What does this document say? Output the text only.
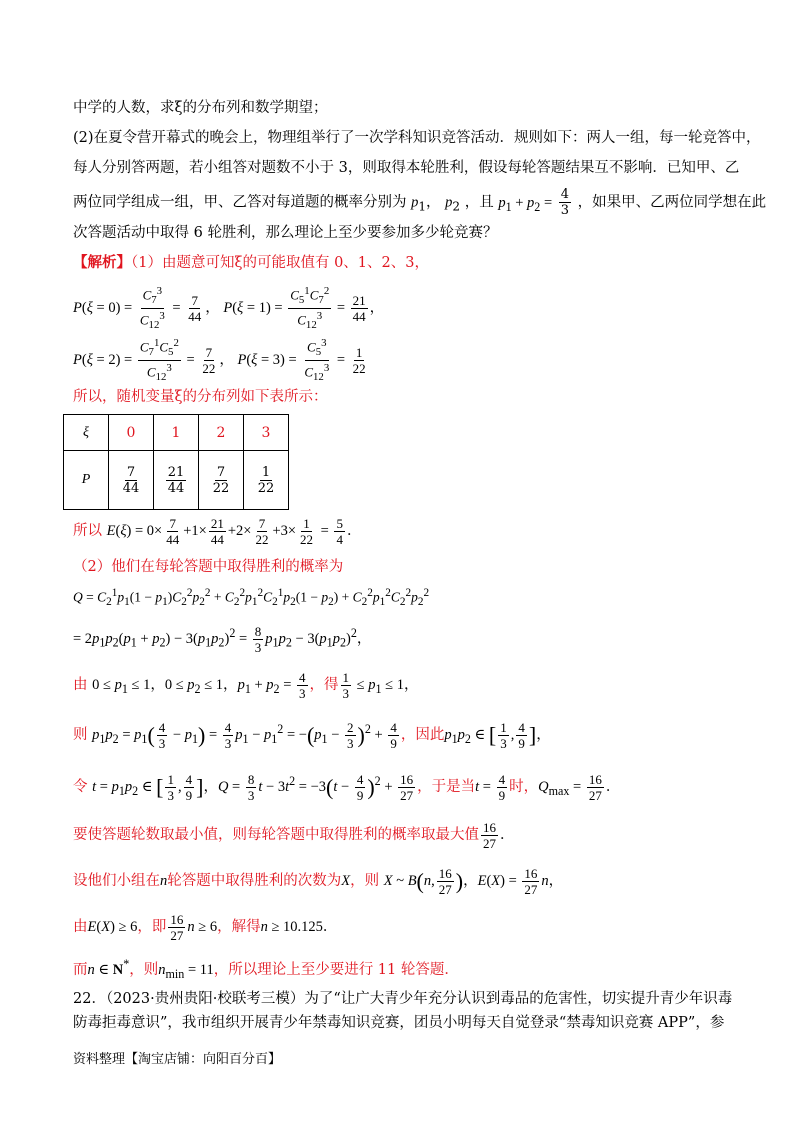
中学的人数，求ξ的分布列和数学期望；
(2)在夏令营开幕式的晚会上，物理组举行了一次学科知识竞答活动．规则如下：两人一组，每一轮竞答中，
每人分别答两题，若小组答对题数不小于 3，则取得本轮胜利，假设每轮答题结果互不影响．已知甲、乙
两位同学组成一组，甲、乙答对每道题的概率分别为 $p_1$， $p_2$ ，且 $p_1 + p_2 = \frac{4}{3}$ ，如果甲、乙两位同学想在此
次答题活动中取得 6 轮胜利，那么理论上至少要参加多少轮竞赛？
【解析】（1）由题意可知ξ的可能取值有 0、1、2、3，
$P(\xi = 0) = \frac{C_7^3}{C_{12}^3} = \frac{7}{44}$ ， $P(\xi = 1) = \frac{C_5^1C_7^2}{C_{12}^3} = \frac{21}{44}$ ，
$P(\xi = 2) = \frac{C_7^1C_5^2}{C_{12}^3} = \frac{7}{22}$ ， $P(\xi = 3) = \frac{C_5^3}{C_{12}^3} = \frac{1}{22}$
所以，随机变量ξ的分布列如下表所示：
ξ	0	1	2	3
P	$\frac{7}{44}$	$\frac{21}{44}$	$\frac{7}{22}$	$\frac{1}{22}$
所以 $E(\xi) = 0\times \frac{7}{44} +1\times \frac{21}{44} +2\times \frac{7}{22} +3\times \frac{1}{22} = \frac{5}{4}$ ．
（2）他们在每轮答题中取得胜利的概率为
$Q = C_2^1p_1(1 - p_1)C_2^2p_2^2 + C_2^2p_1^2C_2^1p_2(1 - p_2) + C_2^2p_1^2C_2^2p_2^2$
= $2p_1p_2(p_1 + p_2) - 3(p_1p_2)^2 = \frac{8}{3} p_1p_2 - 3(p_1p_2)^2$，
由 $0 \le p_1 \le 1$，$0 \le p_2 \le 1$，$p_1 + p_2 = \frac{4}{3}$ ，得 $\frac{1}{3} \le p_1 \le 1$，
则 $p_1p_2 = p_1( \frac{4}{3} - p_1) = \frac{4}{3} p_1 - p_1^2 = -(p_1 - \frac{2}{3} )^2 + \frac{4}{9}$ ，因此$p_1p_2$ ∈ [ $\frac{1}{3}$ , $\frac{4}{9}$ ]，
令 $t = p_1p_2$ ∈ [ $\frac{1}{3}$ , $\frac{4}{9}$ ]，$Q = \frac{8}{3}$ $t - 3t^2 = -3(t - \frac{4}{9} )^2 + \frac{16}{27}$ ，于是当$t = \frac{4}{9}$ 时，$Q_{max} = \frac{16}{27}$ ．
要使答题轮数取最小值，则每轮答题中取得胜利的概率取最大值 $\frac{16}{27}$ ．
设他们小组在n轮答题中取得胜利的次数为X，则 X ~ B(n, $\frac{16}{27}$ )，$E(X) = \frac{16}{27}$ n，
由E(X) ≥ 6，即 $\frac{16}{27}$ n ≥ 6，解得n ≥ 10.125．
而n ∈ N*，则$n_{min} = 11$，所以理论上至少要进行 11 轮答题．
22．（2023·贵州贵阳·校联考三模）为了“让广大青少年充分认识到毒品的危害性，切实提升青少年识毒
防毒拒毒意识”，我市组织开展青少年禁毒知识竞赛，团员小明每天自觉登录“禁毒知识竞赛 APP”，参
资料整理【淘宝店铺：向阳百分百】
